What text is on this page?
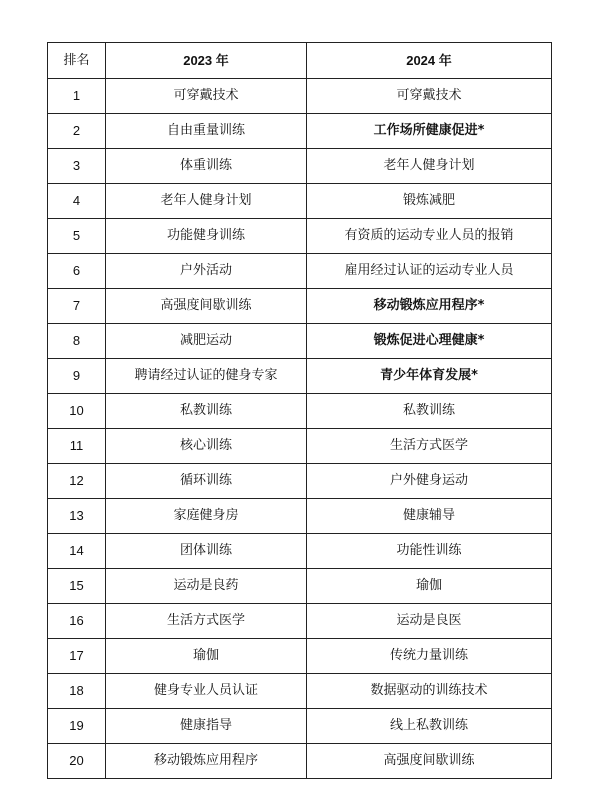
排名	2023 年	2024 年
1	可穿戴技术	可穿戴技术
2	自由重量训练	工作场所健康促进*
3	体重训练	老年人健身计划
4	老年人健身计划	锻炼减肥
5	功能健身训练	有资质的运动专业人员的报销
6	户外活动	雇用经过认证的运动专业人员
7	高强度间歇训练	移动锻炼应用程序*
8	减肥运动	锻炼促进心理健康*
9	聘请经过认证的健身专家	青少年体育发展*
10	私教训练	私教训练
11	核心训练	生活方式医学
12	循环训练	户外健身运动
13	家庭健身房	健康辅导
14	团体训练	功能性训练
15	运动是良药	瑜伽
16	生活方式医学	运动是良医
17	瑜伽	传统力量训练
18	健身专业人员认证	数据驱动的训练技术
19	健康指导	线上私教训练
20	移动锻炼应用程序	高强度间歇训练
